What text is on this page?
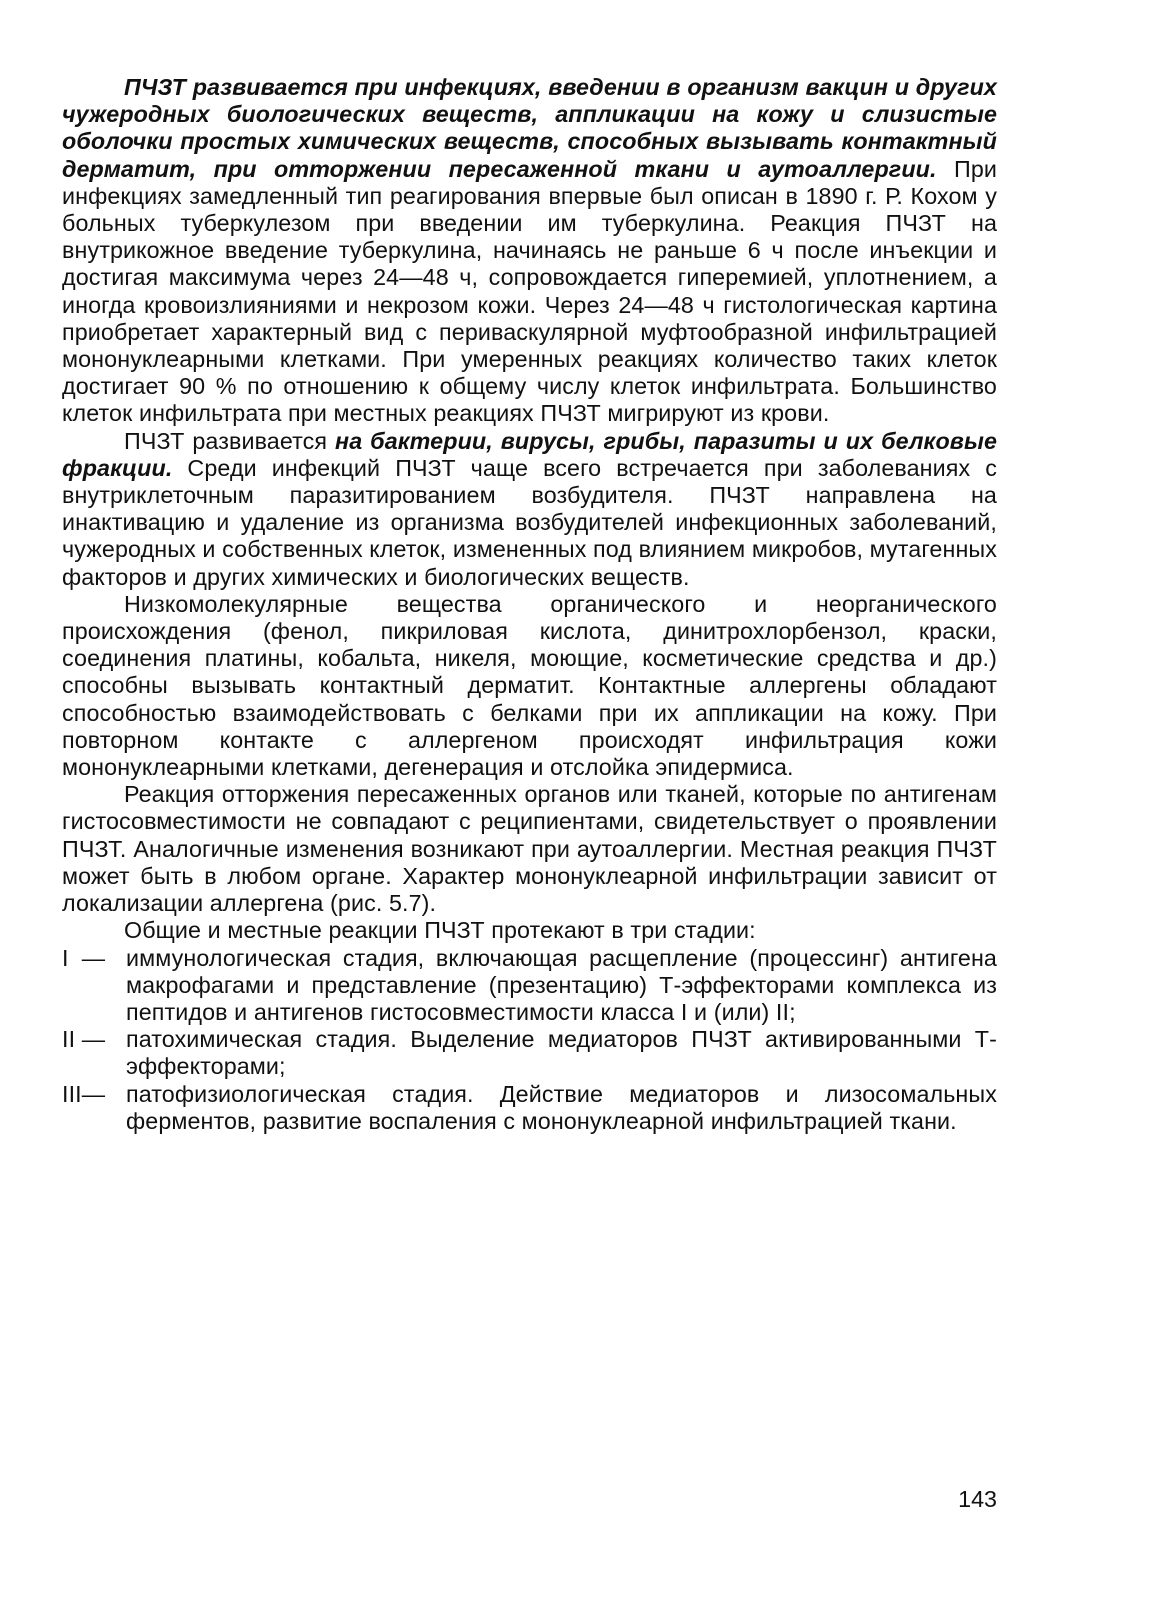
ПЧЗТ развивается при инфекциях, введении в организм вакцин и других чужеродных биологических веществ, аппликации на кожу и слизистые оболочки простых химических веществ, способных вызывать контактный дерматит, при отторжении пересаженной ткани и аутоаллергии. При инфекциях замедленный тип реагирования впервые был описан в 1890 г. Р. Кохом у больных туберкулезом при введении им туберкулина. Реакция ПЧЗТ на внутрикожное введение туберкулина, начинаясь не раньше 6 ч после инъекции и достигая максимума через 24—48 ч, сопровождается гиперемией, уплотнением, а иногда кровоизлияниями и некрозом кожи. Через 24—48 ч гистологическая картина приобретает характерный вид с периваскулярной муфтообразной инфильтрацией мононуклеарными клетками. При умеренных реакциях количество таких клеток достигает 90 % по отношению к общему числу клеток инфильтрата. Большинство клеток инфильтрата при местных реакциях ПЧЗТ мигрируют из крови.

ПЧЗТ развивается на бактерии, вирусы, грибы, паразиты и их белковые фракции. Среди инфекций ПЧЗТ чаще всего встречается при заболеваниях с внутриклеточным паразитированием возбудителя. ПЧЗТ направлена на инактивацию и удаление из организма возбудителей инфекционных заболеваний, чужеродных и собственных клеток, измененных под влиянием микробов, мутагенных факторов и других химических и биологических веществ.

Низкомолекулярные вещества органического и неорганического происхождения (фенол, пикриловая кислота, динитрохлорбензол, краски, соединения платины, кобальта, никеля, моющие, косметические средства и др.) способны вызывать контактный дерматит. Контактные аллергены обладают способностью взаимодействовать с белками при их аппликации на кожу. При повторном контакте с аллергеном происходят инфильтрация кожи мононуклеарными клетками, дегенерация и отслойка эпидермиса.

Реакция отторжения пересаженных органов или тканей, которые по антигенам гистосовместимости не совпадают с реципиентами, свидетельствует о проявлении ПЧЗТ. Аналогичные изменения возникают при аутоаллергии. Местная реакция ПЧЗТ может быть в любом органе. Характер мононуклеарной инфильтрации зависит от локализации аллергена (рис. 5.7).

Общие и местные реакции ПЧЗТ протекают в три стадии:

I  — иммунологическая стадия, включающая расщепление (процессинг) антигена макрофагами и представление (презентацию) Т-эффекторами комплекса из пептидов и антигенов гистосовместимости класса I и (или) II;
II — патохимическая стадия. Выделение медиаторов ПЧЗТ активированными Т-эффекторами;
III— патофизиологическая стадия. Действие медиаторов и лизосомальных ферментов, развитие воспаления с мононуклеарной инфильтрацией ткани.
143
